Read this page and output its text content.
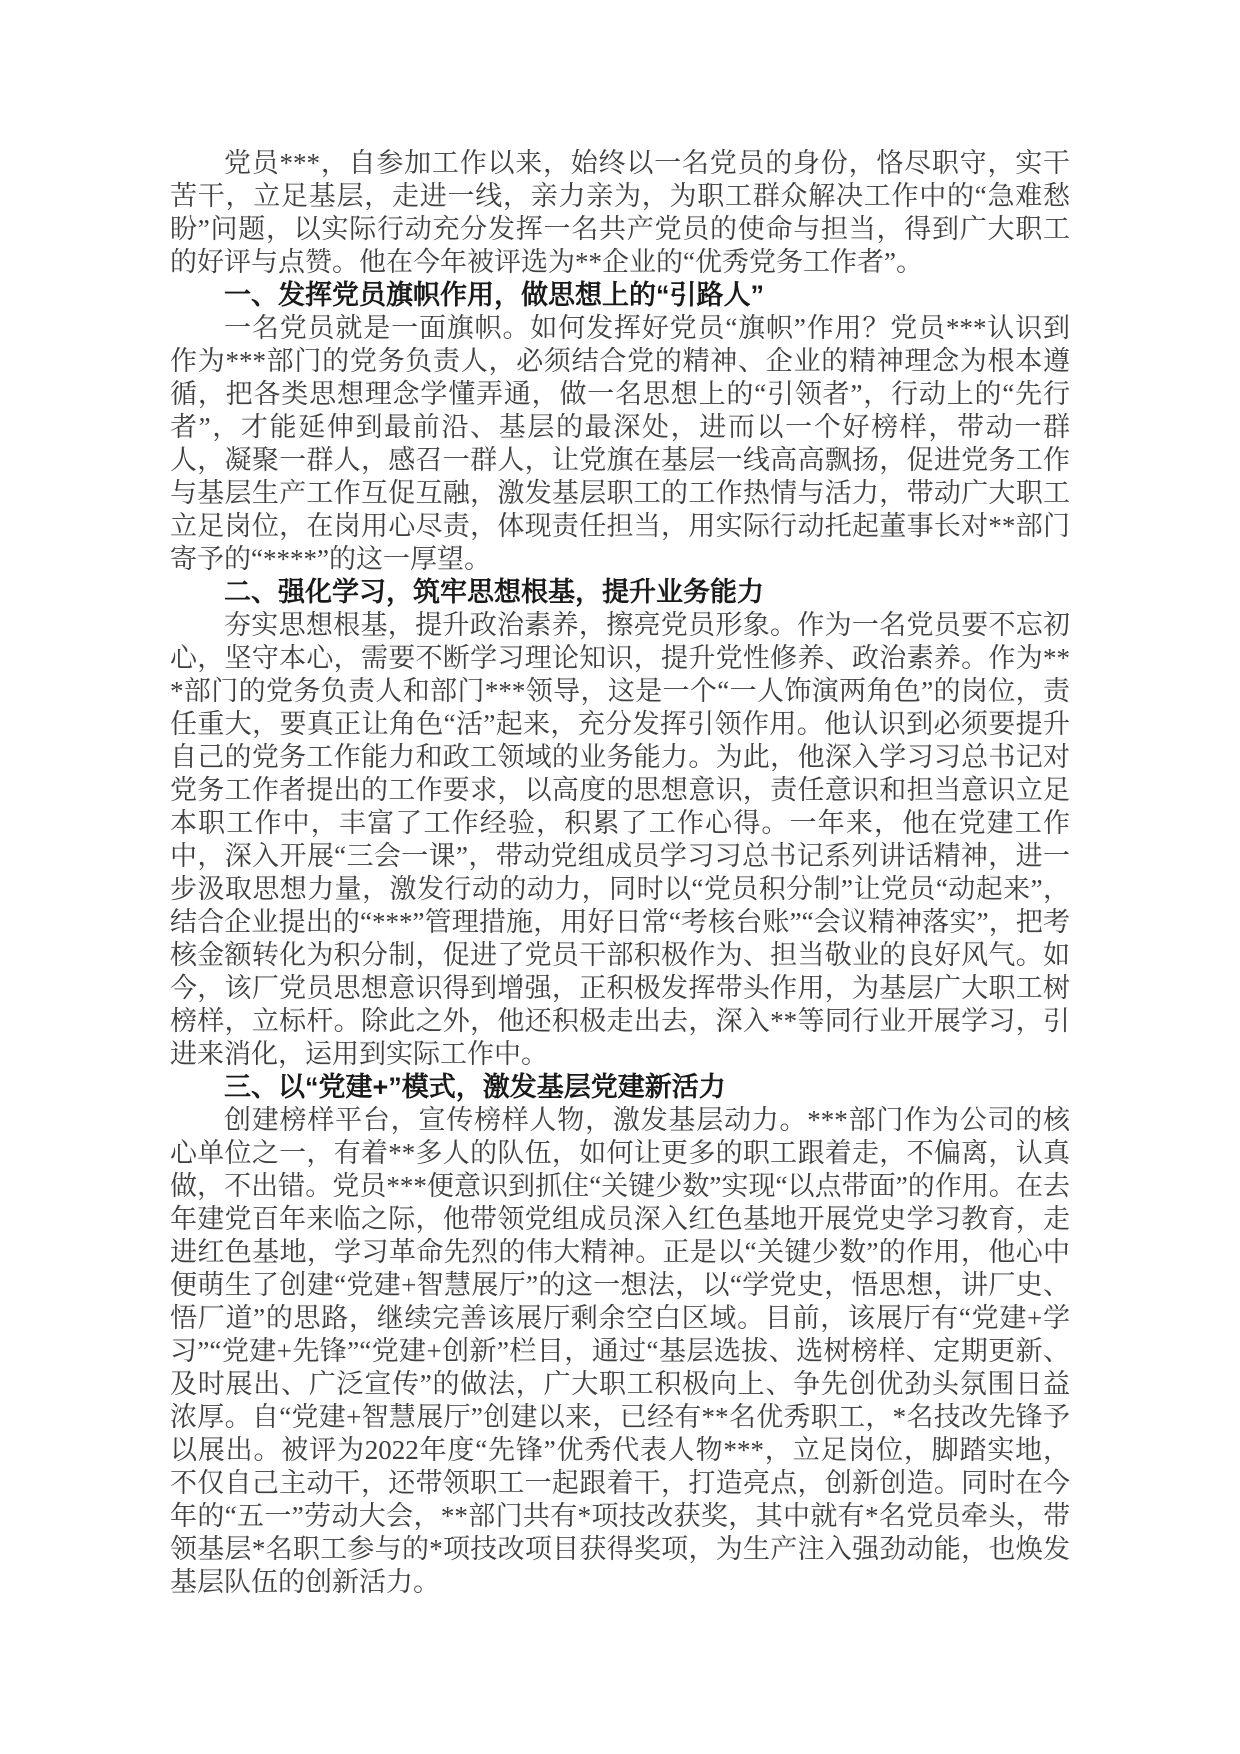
党员***，自参加工作以来，始终以一名党员的身份，恪尽职守，实干苦干，立足基层，走进一线，亲力亲为，为职工群众解决工作中的“急难愁盼”问题，以实际行动充分发挥一名共产党员的使命与担当，得到广大职工的好评与点赞。他在今年被评选为**企业的“优秀党务工作者”。

一、发挥党员旗帜作用，做思想上的“引路人”

一名党员就是一面旗帜。如何发挥好党员“旗帜”作用？党员***认识到作为***部门的党务负责人，必须结合党的精神、企业的精神理念为根本遵循，把各类思想理念学懂弄通，做一名思想上的“引领者”，行动上的“先行者”，才能延伸到最前沿、基层的最深处，进而以一个好榜样，带动一群人，凝聚一群人，感召一群人，让党旗在基层一线高高飘扬，促进党务工作与基层生产工作互促互融，激发基层职工的工作热情与活力，带动广大职工立足岗位，在岗用心尽责，体现责任担当，用实际行动托起董事长对**部门寄予的“****”的这一厚望。

二、强化学习，筑牢思想根基，提升业务能力

夯实思想根基，提升政治素养，擦亮党员形象。作为一名党员要不忘初心，坚守本心，需要不断学习理论知识，提升党性修养、政治素养。作为***部门的党务负责人和部门***领导，这是一个“一人饰演两角色”的岗位，责任重大，要真正让角色“活”起来，充分发挥引领作用。他认识到必须要提升自己的党务工作能力和政工领域的业务能力。为此，他深入学习习总书记对党务工作者提出的工作要求，以高度的思想意识，责任意识和担当意识立足本职工作中，丰富了工作经验，积累了工作心得。一年来，他在党建工作中，深入开展“三会一课”，带动党组成员学习习总书记系列讲话精神，进一步汲取思想力量，激发行动的动力，同时以“党员积分制”让党员“动起来”，结合企业提出的“***”管理措施，用好日常“考核台账”“会议精神落实”，把考核金额转化为积分制，促进了党员干部积极作为、担当敬业的良好风气。如今，该厂党员思想意识得到增强，正积极发挥带头作用，为基层广大职工树榜样，立标杆。除此之外，他还积极走出去，深入**等同行业开展学习，引进来消化，运用到实际工作中。

三、以“党建+”模式，激发基层党建新活力

创建榜样平台，宣传榜样人物，激发基层动力。***部门作为公司的核心单位之一，有着**多人的队伍，如何让更多的职工跟着走，不偏离，认真做，不出错。党员***便意识到抓住“关键少数”实现“以点带面”的作用。在去年建党百年来临之际，他带领党组成员深入红色基地开展党史学习教育，走进红色基地，学习革命先烈的伟大精神。正是以“关键少数”的作用，他心中便萌生了创建“党建+智慧展厅”的这一想法，以“学党史，悟思想，讲厂史、悟厂道”的思路，继续完善该展厅剩余空白区域。目前，该展厅有“党建+学习”“党建+先锋”“党建+创新”栏目，通过“基层选拔、选树榜样、定期更新、及时展出、广泛宣传”的做法，广大职工积极向上、争先创优劲头氛围日益浓厚。自“党建+智慧展厅”创建以来，已经有**名优秀职工，*名技改先锋予以展出。被评为2022年度“先锋”优秀代表人物***，立足岗位，脚踏实地，不仅自己主动干，还带领职工一起跟着干，打造亮点，创新创造。同时在今年的“五一”劳动大会，**部门共有*项技改获奖，其中就有*名党员牵头，带领基层*名职工参与的*项技改项目获得奖项，为生产注入强劲动能，也焕发基层队伍的创新活力。
